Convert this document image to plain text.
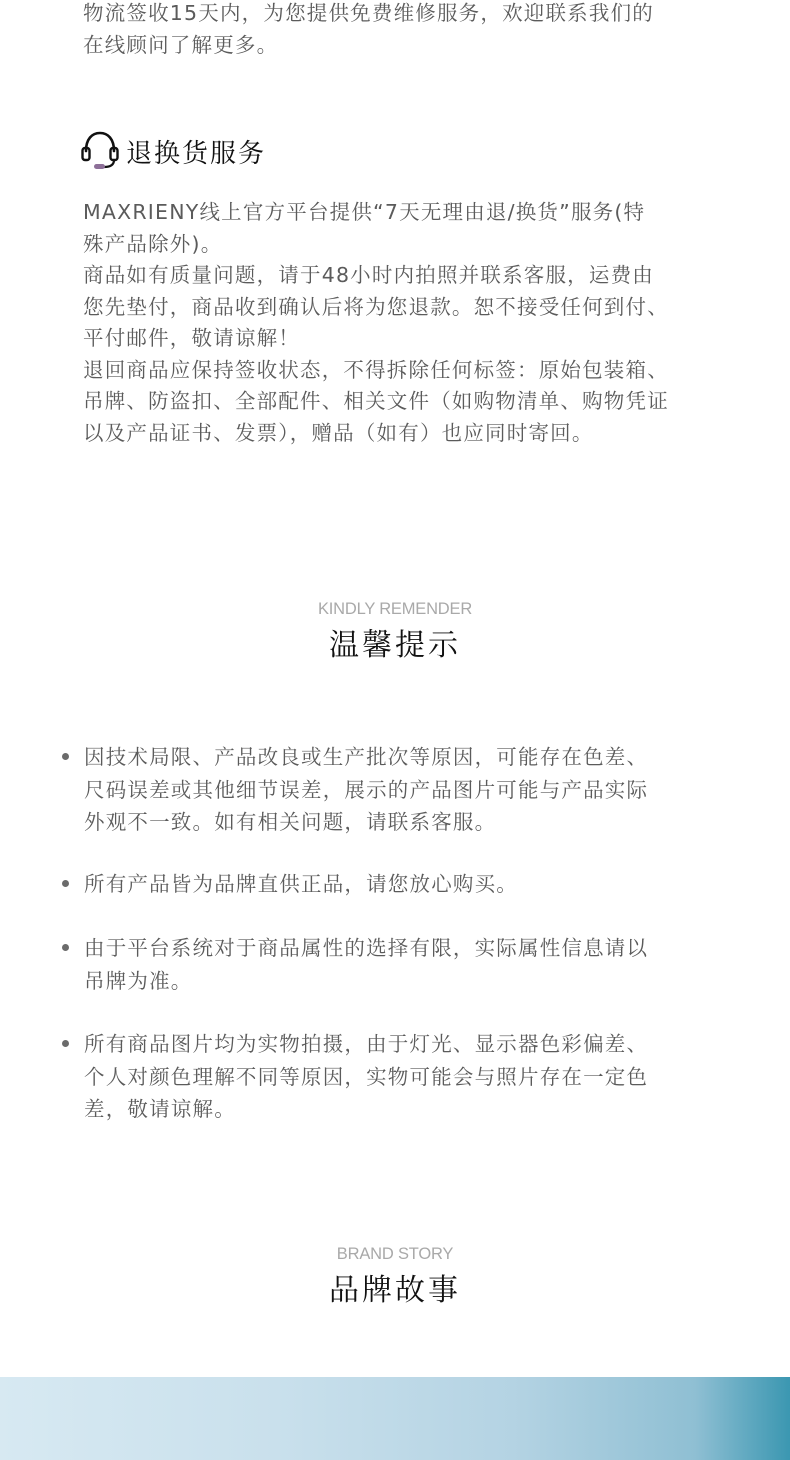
物流签收15天内，为您提供免费维修服务，欢迎联系我们的
在线顾问了解更多。
退换货服务
MAXRIENY线上官方平台提供“7天无理由退/换货”服务(特
殊产品除外)。
商品如有质量问题，请于48小时内拍照并联系客服，运费由
您先垫付，商品收到确认后将为您退款。恕不接受任何到付、
平付邮件，敬请谅解！
退回商品应保持签收状态，不得拆除任何标签：原始包装箱、
吊牌、防盗扣、全部配件、相关文件（如购物清单、购物凭证
以及产品证书、发票），赠品（如有）也应同时寄回。
KINDLY REMENDER
温馨提示
因技术局限、产品改良或生产批次等原因，可能存在色差、
尺码误差或其他细节误差，展示的产品图片可能与产品实际
外观不一致。如有相关问题，请联系客服。
所有产品皆为品牌直供正品，请您放心购买。
由于平台系统对于商品属性的选择有限，实际属性信息请以
吊牌为准。
所有商品图片均为实物拍摄，由于灯光、显示器色彩偏差、
个人对颜色理解不同等原因，实物可能会与照片存在一定色
差，敬请谅解。
BRAND STORY
品牌故事
